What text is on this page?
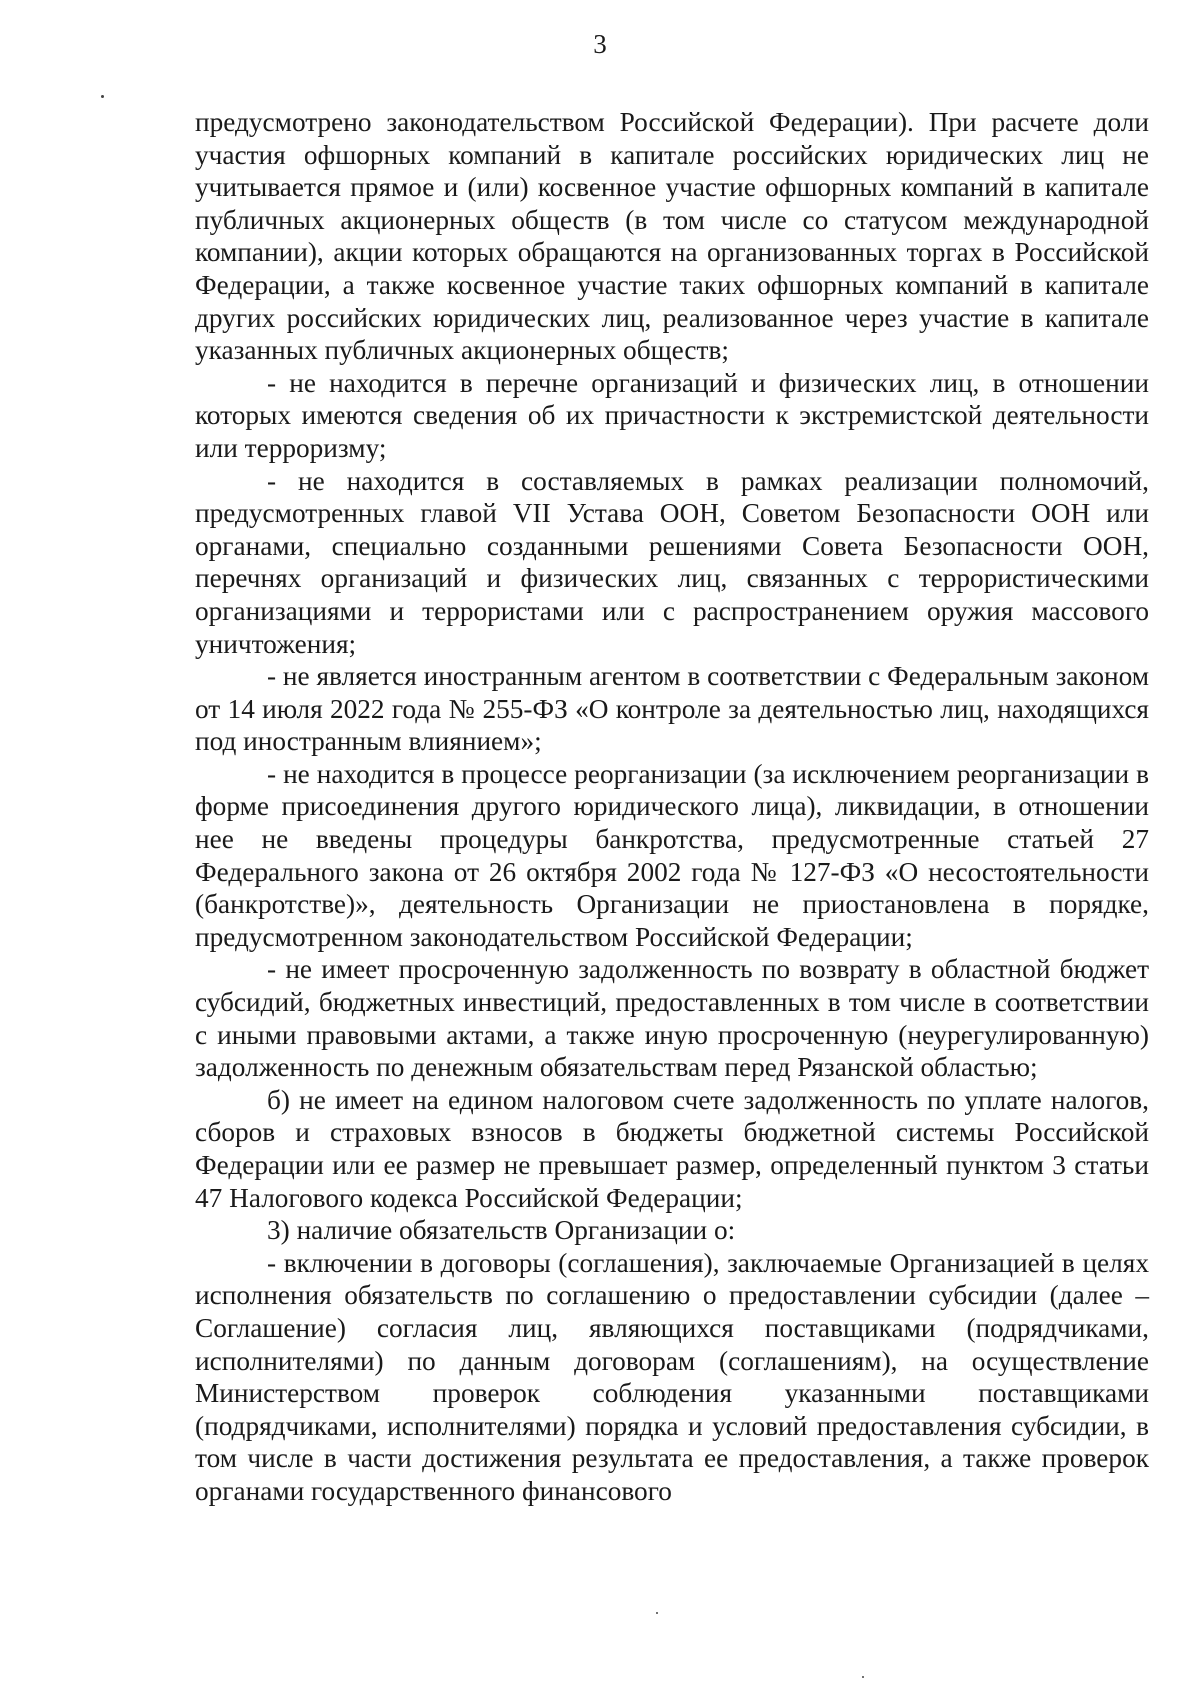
3

предусмотрено законодательством Российской Федерации). При расчете доли участия офшорных компаний в капитале российских юридических лиц не учитывается прямое и (или) косвенное участие офшорных компаний в капитале публичных акционерных обществ (в том числе со статусом международной компании), акции которых обращаются на организованных торгах в Российской Федерации, а также косвенное участие таких офшорных компаний в капитале других российских юридических лиц, реализованное через участие в капитале указанных публичных акционерных обществ;

- не находится в перечне организаций и физических лиц, в отношении которых имеются сведения об их причастности к экстремистской деятельности или терроризму;

- не находится в составляемых в рамках реализации полномочий, предусмотренных главой VII Устава ООН, Советом Безопасности ООН или органами, специально созданными решениями Совета Безопасности ООН, перечнях организаций и физических лиц, связанных с террористическими организациями и террористами или с распространением оружия массового уничтожения;

- не является иностранным агентом в соответствии с Федеральным законом от 14 июля 2022 года № 255-ФЗ «О контроле за деятельностью лиц, находящихся под иностранным влиянием»;

- не находится в процессе реорганизации (за исключением реорганизации в форме присоединения другого юридического лица), ликвидации, в отношении нее не введены процедуры банкротства, предусмотренные статьей 27 Федерального закона от 26 октября 2002 года № 127-ФЗ «О несостоятельности (банкротстве)», деятельность Организации не приостановлена в порядке, предусмотренном законодательством Российской Федерации;

- не имеет просроченную задолженность по возврату в областной бюджет субсидий, бюджетных инвестиций, предоставленных в том числе в соответствии с иными правовыми актами, а также иную просроченную (неурегулированную) задолженность по денежным обязательствам перед Рязанской областью;

б) не имеет на едином налоговом счете задолженность по уплате налогов, сборов и страховых взносов в бюджеты бюджетной системы Российской Федерации или ее размер не превышает размер, определенный пунктом 3 статьи 47 Налогового кодекса Российской Федерации;

3) наличие обязательств Организации о:

- включении в договоры (соглашения), заключаемые Организацией в целях исполнения обязательств по соглашению о предоставлении субсидии (далее – Соглашение) согласия лиц, являющихся поставщиками (подрядчиками, исполнителями) по данным договорам (соглашениям), на осуществление Министерством проверок соблюдения указанными поставщиками (подрядчиками, исполнителями) порядка и условий предоставления субсидии, в том числе в части достижения результата ее предоставления, а также проверок органами государственного финансового
